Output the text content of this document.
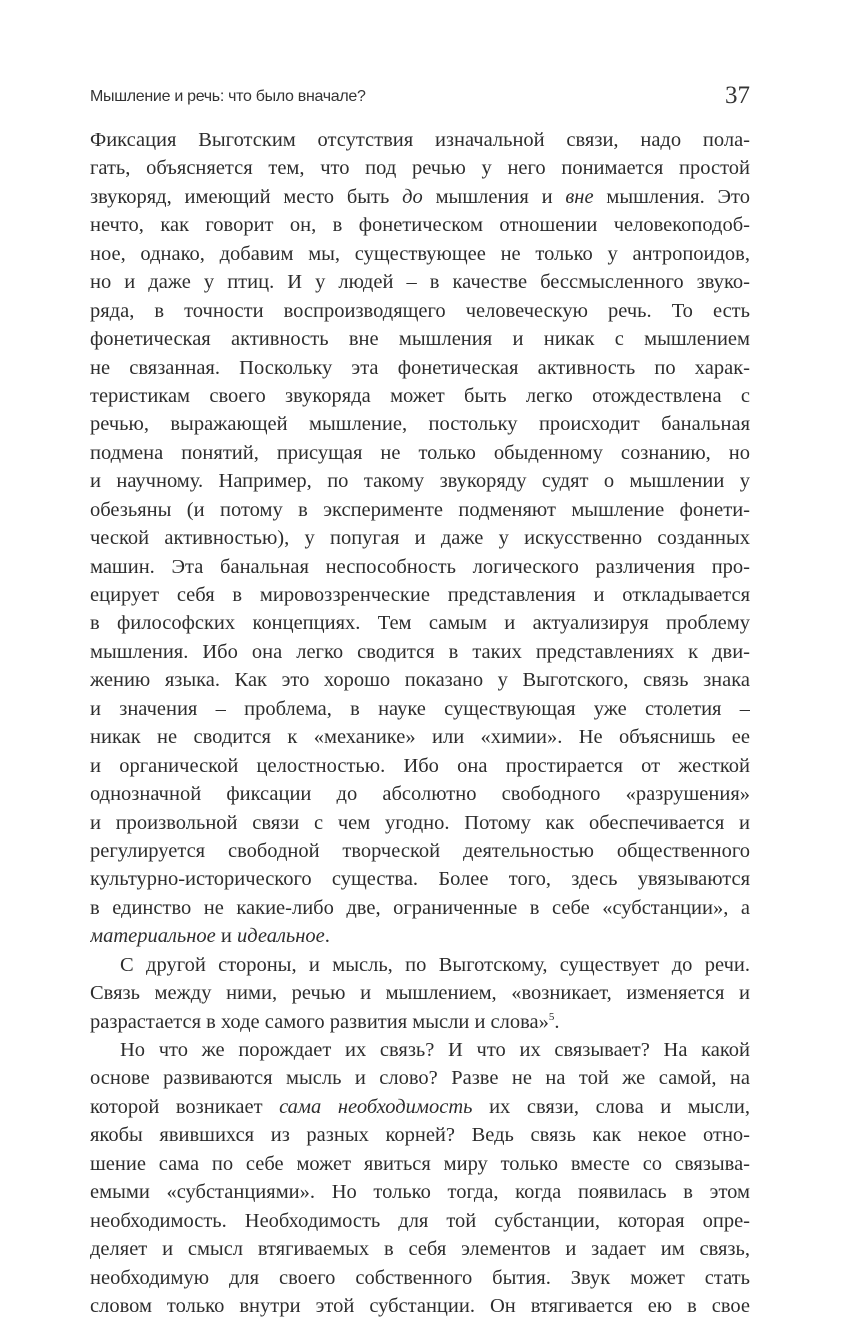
Мышление и речь: что было вначале?	37
Фиксация Выготским отсутствия изначальной связи, надо пола-
гать, объясняется тем, что под речью у него понимается простой
звукоряд, имеющий место быть до мышления и вне мышления. Это
нечто, как говорит он, в фонетическом отношении человекоподоб-
ное, однако, добавим мы, существующее не только у антропоидов,
но и даже у птиц. И у людей – в качестве бессмысленного звуко-
ряда, в точности воспроизводящего человеческую речь. То есть
фонетическая активность вне мышления и никак с мышлением
не связанная. Поскольку эта фонетическая активность по харак-
теристикам своего звукоряда может быть легко отождествлена с
речью, выражающей мышление, постольку происходит банальная
подмена понятий, присущая не только обыденному сознанию, но
и научному. Например, по такому звукоряду судят о мышлении у
обезьяны (и потому в эксперименте подменяют мышление фонети-
ческой активностью), у попугая и даже у искусственно созданных
машин. Эта банальная неспособность логического различения про-
ецирует себя в мировоззренческие представления и откладывается
в философских концепциях. Тем самым и актуализируя проблему
мышления. Ибо она легко сводится в таких представлениях к дви-
жению языка. Как это хорошо показано у Выготского, связь знака
и значения – проблема, в науке существующая уже столетия –
никак не сводится к «механике» или «химии». Не объяснишь ее
и органической целостностью. Ибо она простирается от жесткой
однозначной фиксации до абсолютно свободного «разрушения»
и произвольной связи с чем угодно. Потому как обеспечивается и
регулируется свободной творческой деятельностью общественного
культурно-исторического существа. Более того, здесь увязываются
в единство не какие-либо две, ограниченные в себе «субстанции», а
материальное и идеальное.
С другой стороны, и мысль, по Выготскому, существует до речи.
Связь между ними, речью и мышлением, «возникает, изменяется и
разрастается в ходе самого развития мысли и слова»$^5$.
Но что же порождает их связь? И что их связывает? На какой
основе развиваются мысль и слово? Разве не на той же самой, на
которой возникает сама необходимость их связи, слова и мысли,
якобы явившихся из разных корней? Ведь связь как некое отно-
шение сама по себе может явиться миру только вместе со связыва-
емыми «субстанциями». Но только тогда, когда появилась в этом
необходимость. Необходимость для той субстанции, которая опре-
деляет и смысл втягиваемых в себя элементов и задает им связь,
необходимую для своего собственного бытия. Звук может стать
словом только внутри этой субстанции. Он втягивается ею в свое
